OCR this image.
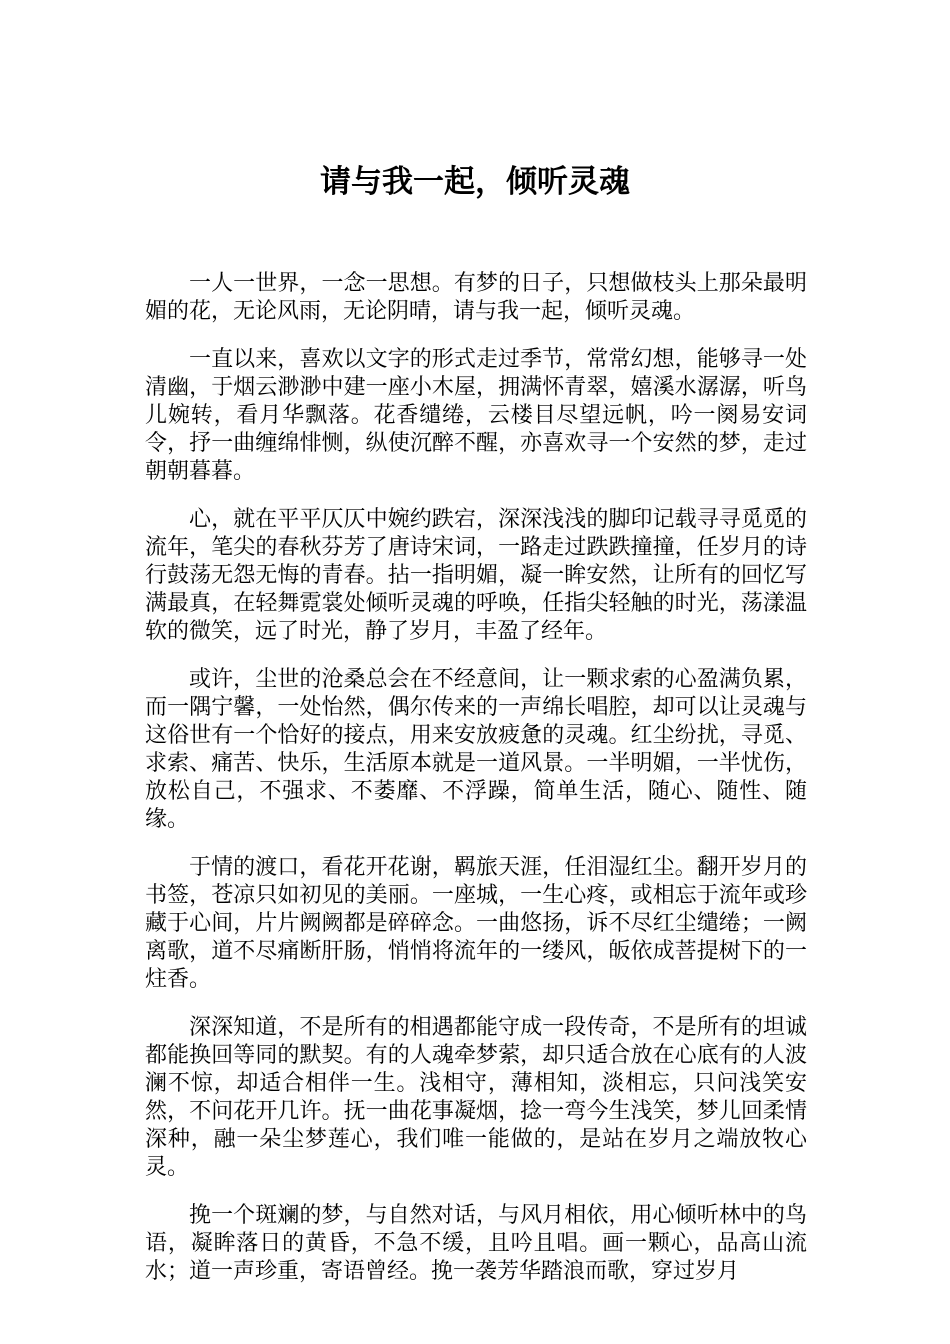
请与我一起，倾听灵魂

一人一世界，一念一思想。有梦的日子，只想做枝头上那朵最明媚的花，无论风雨，无论阴晴，请与我一起，倾听灵魂。

一直以来，喜欢以文字的形式走过季节，常常幻想，能够寻一处清幽，于烟云渺渺中建一座小木屋，拥满怀青翠，嬉溪水潺潺，听鸟儿婉转，看月华飘落。花香缱绻，云楼目尽望远帆，吟一阕易安词令，抒一曲缠绵悱恻，纵使沉醉不醒，亦喜欢寻一个安然的梦，走过朝朝暮暮。

心，就在平平仄仄中婉约跌宕，深深浅浅的脚印记载寻寻觅觅的流年，笔尖的春秋芬芳了唐诗宋词，一路走过跌跌撞撞，任岁月的诗行鼓荡无怨无悔的青春。拈一指明媚，凝一眸安然，让所有的回忆写满最真，在轻舞霓裳处倾听灵魂的呼唤，任指尖轻触的时光，荡漾温软的微笑，远了时光，静了岁月，丰盈了经年。

或许，尘世的沧桑总会在不经意间，让一颗求索的心盈满负累，而一隅宁馨，一处怡然，偶尔传来的一声绵长唱腔，却可以让灵魂与这俗世有一个恰好的接点，用来安放疲惫的灵魂。红尘纷扰，寻觅、求索、痛苦、快乐，生活原本就是一道风景。一半明媚，一半忧伤，放松自己，不强求、不萎靡、不浮躁，简单生活，随心、随性、随缘。

于情的渡口，看花开花谢，羁旅天涯，任泪湿红尘。翻开岁月的书签，苍凉只如初见的美丽。一座城，一生心疼，或相忘于流年或珍藏于心间，片片阙阙都是碎碎念。一曲悠扬，诉不尽红尘缱绻；一阙离歌，道不尽痛断肝肠，悄悄将流年的一缕风，皈依成菩提树下的一炷香。

深深知道，不是所有的相遇都能守成一段传奇，不是所有的坦诚都能换回等同的默契。有的人魂牵梦萦，却只适合放在心底有的人波澜不惊，却适合相伴一生。浅相守，薄相知，淡相忘，只问浅笑安然，不问花开几许。抚一曲花事凝烟，捻一弯今生浅笑，梦儿回柔情深种，融一朵尘梦莲心，我们唯一能做的，是站在岁月之端放牧心灵。

挽一个斑斓的梦，与自然对话，与风月相依，用心倾听林中的鸟语，凝眸落日的黄昏，不急不缓，且吟且唱。画一颗心，品高山流水；道一声珍重，寄语曾经。挽一袭芳华踏浪而歌，穿过岁月
